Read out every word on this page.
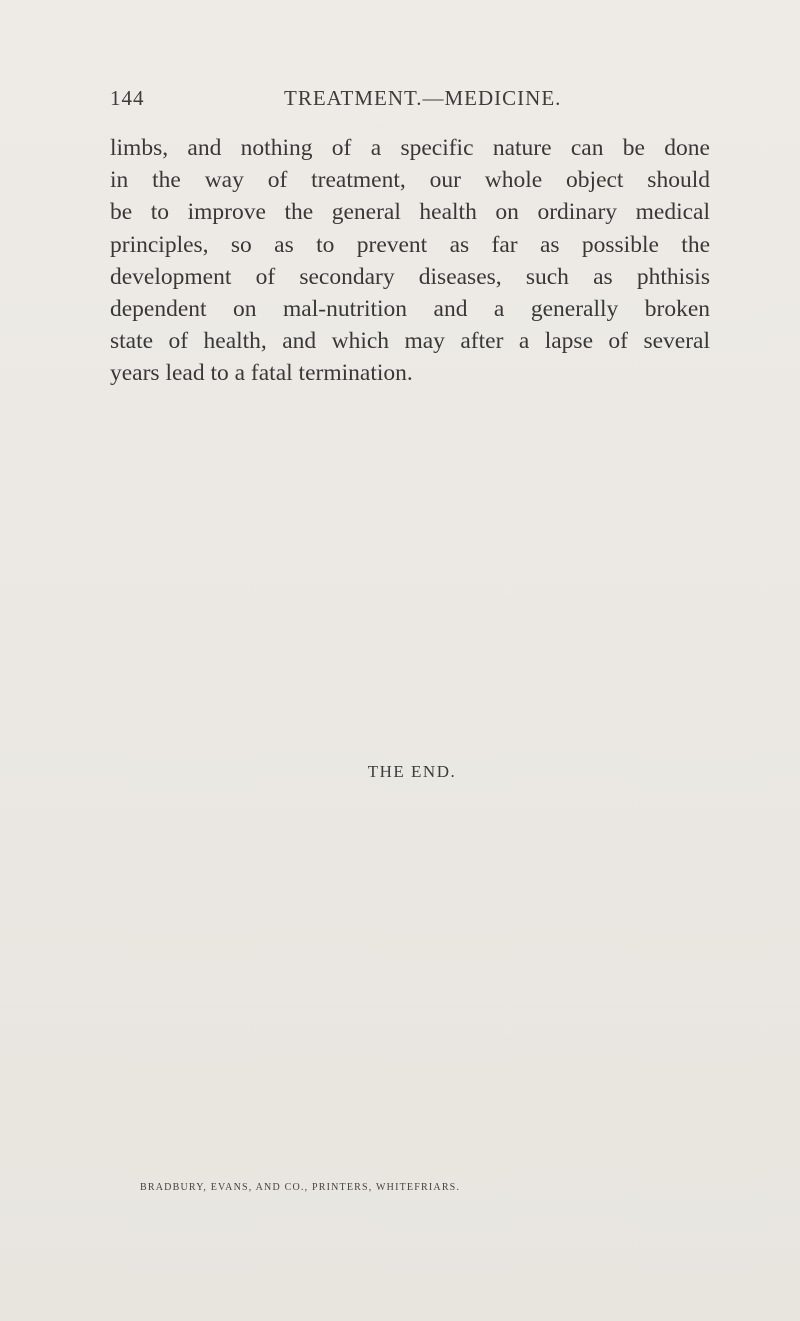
144	TREATMENT.—MEDICINE.
limbs, and nothing of a specific nature can be done
in the way of treatment, our whole object should
be to improve the general health on ordinary medical
principles, so as to prevent as far as possible the
development of secondary diseases, such as phthisis
dependent on mal-nutrition and a generally broken
state of health, and which may after a lapse of several
years lead to a fatal termination.
THE END.
BRADBURY, EVANS, AND CO., PRINTERS, WHITEFRIARS.
